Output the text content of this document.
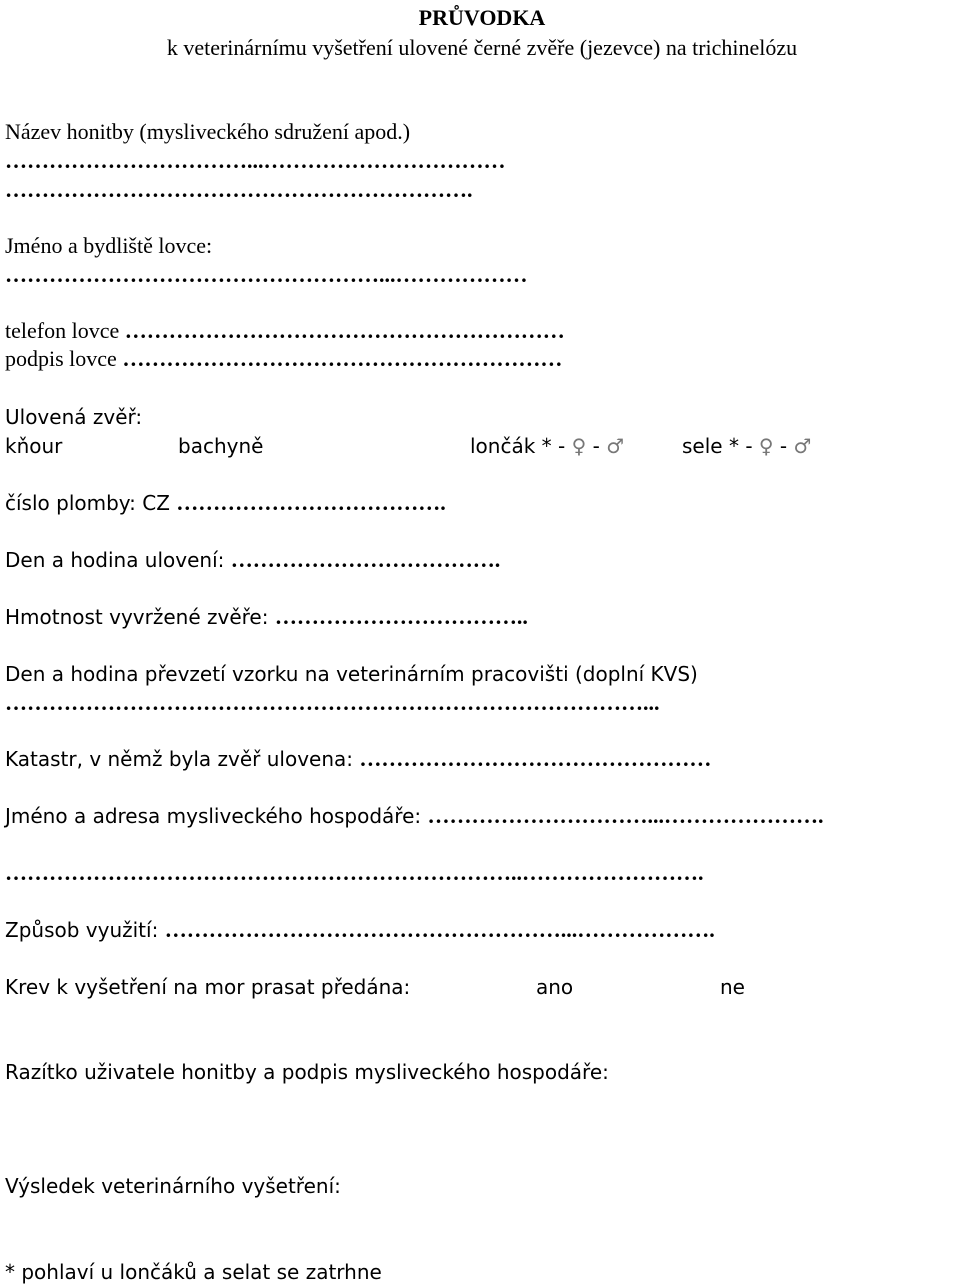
PRŮVODKA
k veterinárnímu vyšetření ulovené černé zvěře (jezevce) na trichinelózu
Název honitby (mysliveckého sdružení apod.)
……………………………...……………………………
……………………………………………………….
Jméno a bydliště lovce:
……………………………………………...………………
telefon lovce ……………………………………………………
podpis lovce ……………………………………………………
Ulovená zvěř:
kňour	bachyně	lončák * - ♀ - ♂	sele * - ♀ - ♂
číslo plomby: CZ ……………………………….
Den a hodina ulovení: ……………………………….
Hmotnost vyvržené zvěře: ……………………………..
Den a hodina převzetí vzorku na veterinárním pracovišti (doplní KVS)
……………………………………………………………………………...
Katastr, v němž byla zvěř ulovena: …………………………………………
Jméno a adresa mysliveckého hospodáře: …………………………...………………….
……………………………………………………………..…………………….
Způsob využití: ………………………………………………...……………….
Krev k vyšetření na mor prasat předána:	ano	ne
Razítko uživatele honitby a podpis mysliveckého hospodáře:
Výsledek veterinárního vyšetření:
* pohlaví u lončáků a selat se zatrhne
